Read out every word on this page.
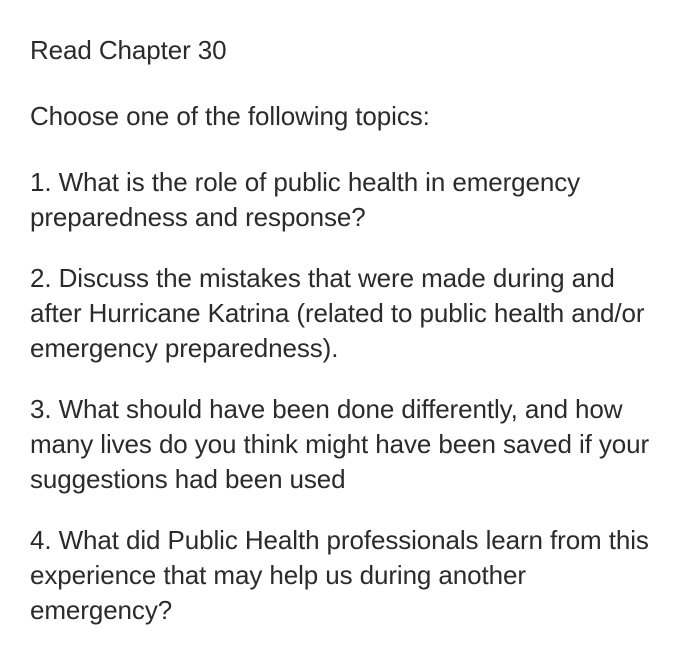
Read Chapter 30

Choose one of the following topics:

1. What is the role of public health in emergency preparedness and response?

2. Discuss the mistakes that were made during and after Hurricane Katrina (related to public health and/or emergency preparedness).

3. What should have been done differently, and how many lives do you think might have been saved if your suggestions had been used

4. What did Public Health professionals learn from this experience that may help us during another emergency?
